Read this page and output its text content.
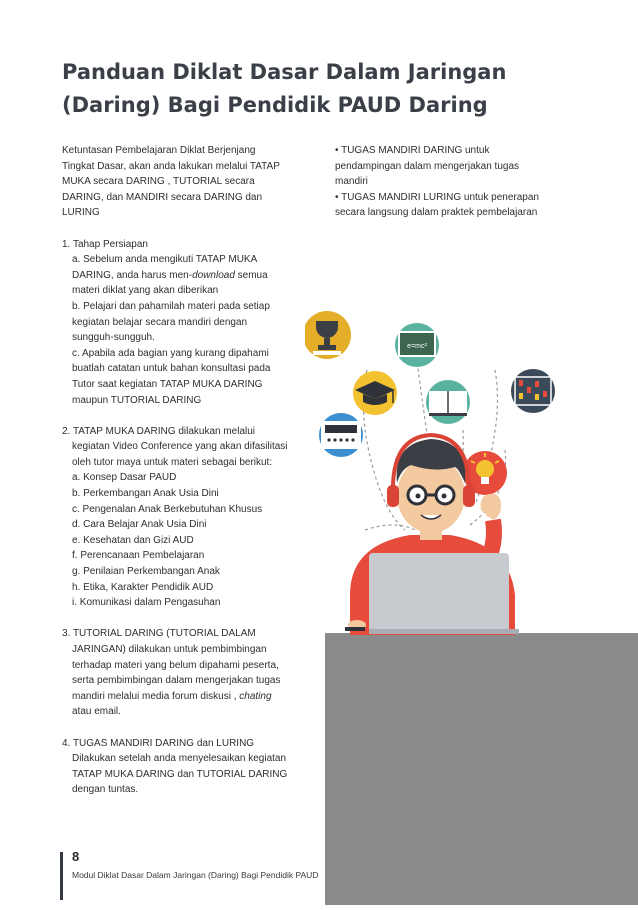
Panduan Diklat Dasar Dalam Jaringan
(Daring) Bagi Pendidik PAUD Daring

Ketuntasan Pembelajaran Diklat Berjenjang

Tingkat Dasar, akan anda lakukan melalui TATAP

MUKA secara DARING , TUTORIAL secara

DARING, dan MANDIRI secara DARING dan

LURING

1. Tahap Persiapan

a. Sebelum anda mengikuti TATAP MUKA

DARING, anda harus men-download semua

materi diklat yang akan diberikan

b. Pelajari dan pahamilah materi pada setiap

kegiatan belajar secara mandiri dengan

sungguh-sungguh.

c. Apabila ada bagian yang kurang dipahami

buatlah catatan untuk bahan konsultasi pada

Tutor saat kegiatan TATAP MUKA DARING

maupun TUTORIAL DARING

2. TATAP MUKA DARING dilakukan melalui

kegiatan Video Conference yang akan difasilitasi

oleh tutor maya untuk materi sebagai berikut:

a. Konsep Dasar PAUD

b. Perkembangan Anak Usia Dini

c. Pengenalan Anak Berkebutuhan Khusus

d. Cara Belajar Anak Usia Dini

e. Kesehatan dan Gizi AUD

f. Perencanaan Pembelajaran

g. Penilaian Perkembangan Anak

h. Etika, Karakter Pendidik AUD

i. Komunikasi dalam Pengasuhan

3. TUTORIAL DARING (TUTORIAL DALAM

JARINGAN) dilakukan untuk pembimbingan

terhadap materi yang belum dipahami peserta,

serta pembimbingan dalam mengerjakan tugas

mandiri melalui media forum diskusi , chating

atau email.

4. TUGAS MANDIRI DARING dan LURING

Dilakukan setelah anda menyelesaikan kegiatan

TATAP MUKA DARING dan TUTORIAL DARING

dengan tuntas.

• TUGAS MANDIRI DARING untuk

pendampingan dalam mengerjakan tugas

mandiri

• TUGAS MANDIRI LURING untuk penerapan

secara langsung dalam praktek pembelajaran

e=mc²
8
Modul Diklat Dasar Dalam Jaringan (Daring) Bagi Pendidik PAUD
